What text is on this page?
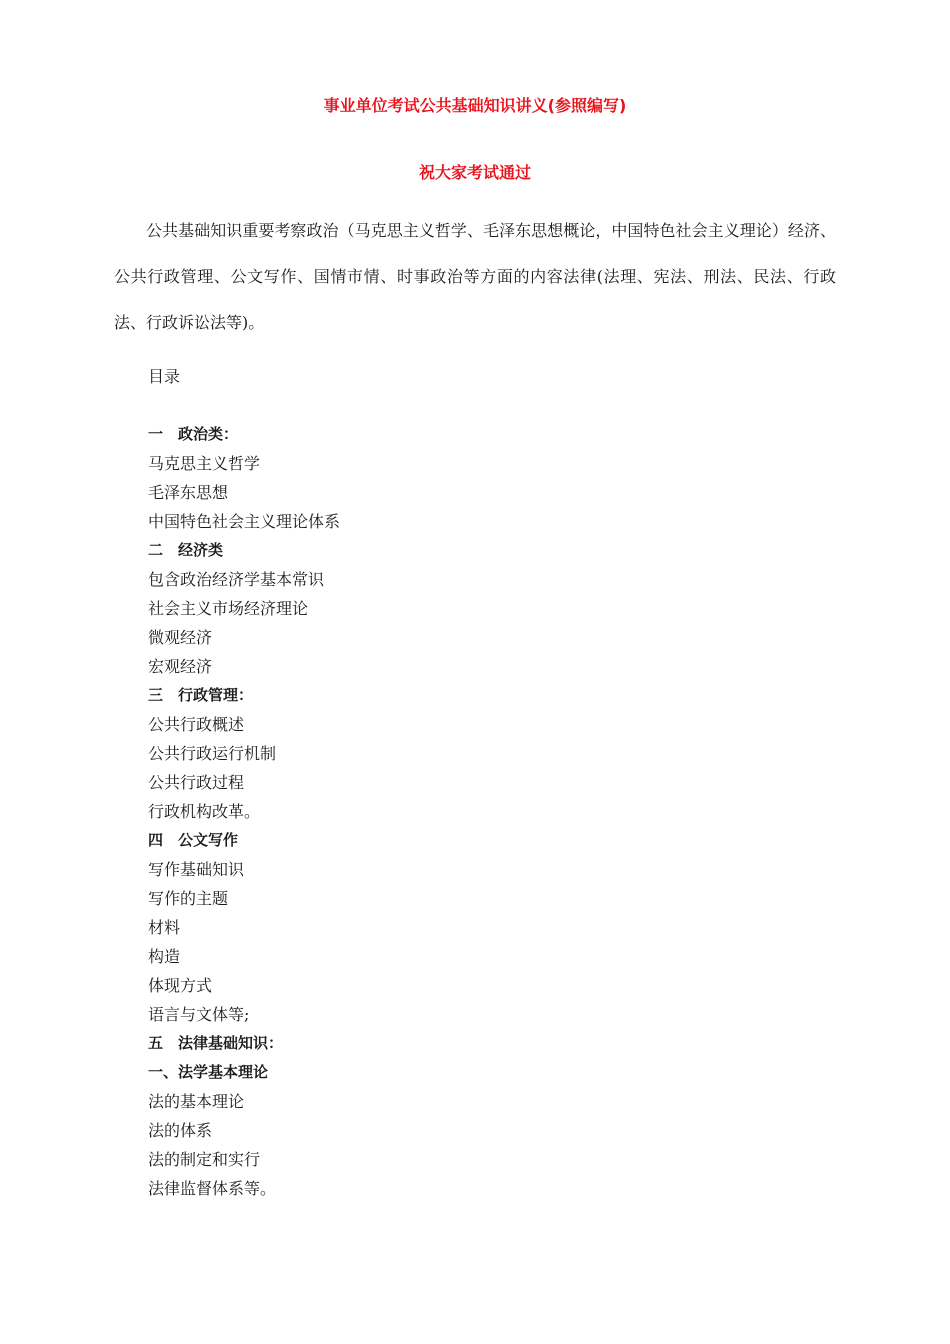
事业单位考试公共基础知识讲义(参照编写)
祝大家考试通过

公共基础知识重要考察政治（马克思主义哲学、毛泽东思想概论，中国特色社会主义理论）经济、公共行政管理、公文写作、国情市情、时事政治等方面的内容法律(法理、宪法、刑法、民法、行政法、行政诉讼法等)。

目录
一　政治类：
马克思主义哲学
毛泽东思想
中国特色社会主义理论体系
二　经济类
包含政治经济学基本常识
社会主义市场经济理论
微观经济
宏观经济
三　行政管理：
公共行政概述
公共行政运行机制
公共行政过程
行政机构改革。
四　公文写作
写作基础知识
写作的主题
材料
构造
体现方式
语言与文体等;
五　法律基础知识：
一、法学基本理论
法的基本理论
法的体系
法的制定和实行
法律监督体系等。
